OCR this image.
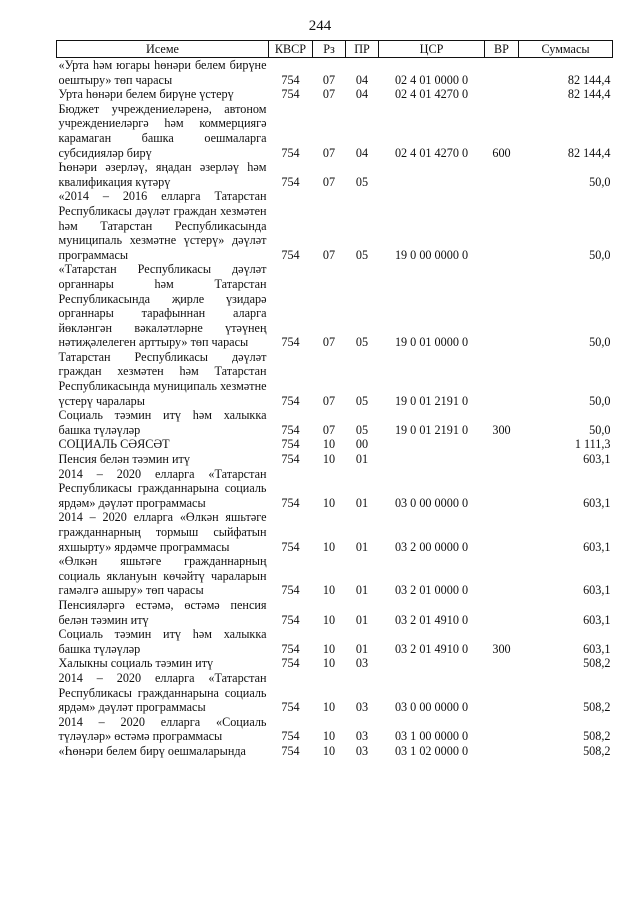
244
Исеме	КВСР	Рз	ПР	ЦСР	ВР	Суммасы
«Урта һәм югары һөнәри белем бирүне оештыру» төп чарасы	754	07	04	02 4 01 0000 0		82 144,4
Урта һөнәри белем бирүне үстерү	754	07	04	02 4 01 4270 0		82 144,4
Бюджет учреждениеләренә, автоном учреждениеләргә һәм коммерциягә карамаган башка оешмаларга субсидияләр бирү	754	07	04	02 4 01 4270 0	600	82 144,4
Һөнәри әзерләү, яңадан әзерләү һәм квалификация күтәрү	754	07	05			50,0
«2014 – 2016 елларга Татарстан Республикасы дәүләт граждан хезмәтен һәм Татарстан Республикасында муниципаль хезмәтне үстерү» дәүләт программасы	754	07	05	19 0 00 0000 0		50,0
«Татарстан Республикасы дәүләт органнары һәм Татарстан Республикасында җирле үзидарә органнары тарафыннан аларга йөкләнгән вәкаләтләрне үтәүнең нәтиҗәлелеген арттыру» төп чарасы	754	07	05	19 0 01 0000 0		50,0
Татарстан Республикасы дәүләт граждан хезмәтен һәм Татарстан Республикасында муниципаль хезмәтне үстерү чаралары	754	07	05	19 0 01 2191 0		50,0
Социаль тәэмин итү һәм халыкка башка түләүләр	754	07	05	19 0 01 2191 0	300	50,0
СОЦИАЛЬ СӘЯСӘТ	754	10	00			1 111,3
Пенсия белән тәэмин итү	754	10	01			603,1
2014 – 2020 елларга «Татарстан Республикасы гражданнарына социаль ярдәм» дәүләт программасы	754	10	01	03 0 00 0000 0		603,1
2014 – 2020 елларга «Өлкән яшьтәге гражданнарның тормыш сыйфатын яхшырту» ярдәмче программасы	754	10	01	03 2 00 0000 0		603,1
«Өлкән яшьтәге гражданнарның социаль яклануын көчәйтү чараларын гамәлгә ашыру» төп чарасы	754	10	01	03 2 01 0000 0		603,1
Пенсияләргә естәмә, өстәмә пенсия белән тәэмин итү	754	10	01	03 2 01 4910 0		603,1
Социаль тәэмин итү һәм халыкка башка түләүләр	754	10	01	03 2 01 4910 0	300	603,1
Халыкны социаль тәэмин итү	754	10	03			508,2
2014 – 2020 елларга «Татарстан Республикасы гражданнарына социаль ярдәм» дәүләт программасы	754	10	03	03 0 00 0000 0		508,2
2014 – 2020 елларга «Социаль түләүләр» өстәмә программасы	754	10	03	03 1 00 0000 0		508,2
«Һөнәри белем бирү оешмаларында	754	10	03	03 1 02 0000 0		508,2
